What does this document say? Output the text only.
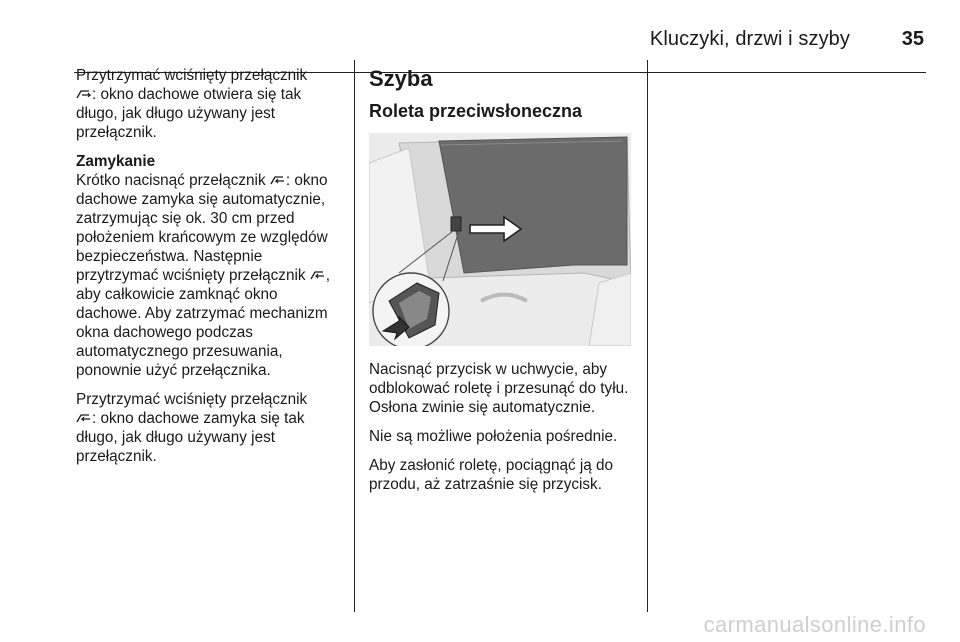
Kluczyki, drzwi i szyby	35

Przytrzymać wciśnięty przełącznik
: okno dachowe otwiera się tak długo, jak długo używany jest przełącznik.

Zamykanie

Krótko nacisnąć przełącznik : okno dachowe zamyka się automatycznie, zatrzymując się ok. 30 cm przed położeniem krańcowym ze względów bezpieczeństwa. Następnie przytrzymać wciśnięty przełącznik , aby całkowicie zamknąć okno dachowe. Aby zatrzymać mechanizm okna dachowego podczas automatycznego przesuwania, ponownie użyć przełącznika.

Przytrzymać wciśnięty przełącznik
: okno dachowe zamyka się tak długo, jak długo używany jest przełącznik.

Szyba
Roleta przeciwsłoneczna

Nacisnąć przycisk w uchwycie, aby odblokować roletę i przesunąć do tyłu. Osłona zwinie się automatycznie.

Nie są możliwe położenia pośrednie.

Aby zasłonić roletę, pociągnąć ją do przodu, aż zatrzaśnie się przycisk.

carmanualsonline.info
